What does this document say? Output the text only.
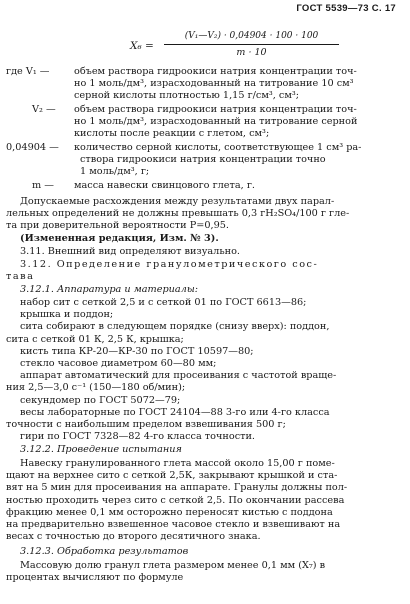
ГОСТ 5539—73 С. 17
X₆ =
(V₁—V₂) · 0,04904 · 100 · 100
m · 10
где V₁ —	объем раствора гидроокиси натрия концентрации точ-
но 1 моль/дм³, израсходованный на титрование 10 см³
серной кислоты плотностью 1,15 г/см³, см³;
V₂ — объем раствора гидроокиси натрия концентрации точ-
но 1 моль/дм³, израсходованный на титрование серной
кислоты после реакции с глетом, см³;
0,04904 — количество серной кислоты, соответствующее 1 см³ ра-
створа гидроокиси натрия концентрации точно
1 моль/дм³, г;
m — масса навески свинцового глета, г.
Допускаемые расхождения между результатами двух парал-
лельных определений не должны превышать 0,3 гH₂SO₄/100 г гле-
та при доверительной вероятности P=0,95.
(Измененная редакция, Изм. № 3).
3.11. Внешний вид определяют визуально.
3.12. Определение гранулометрического сос-
тава
3.12.1. Аппаратура и материалы:
набор сит с сеткой 2,5 и с сеткой 01 по ГОСТ 6613—86;
крышка и поддон;
сита собирают в следующем порядке (снизу вверх): поддон,
сита с сеткой 01 К, 2,5 К, крышка;
кисть типа КР-20—КР-30 по ГОСТ 10597—80;
стекло часовое диаметром 60—80 мм;
аппарат автоматический для просеивания с частотой враще-
ния 2,5—3,0 с⁻¹ (150—180 об/мин);
секундомер по ГОСТ 5072—79;
весы лабораторные по ГОСТ 24104—88 3-го или 4-го класса
точности с наибольшим пределом взвешивания 500 г;
гири по ГОСТ 7328—82 4-го класса точности.
3.12.2. Проведение испытания
Навеску гранулированного глета массой около 15,00 г поме-
щают на верхнее сито с сеткой 2,5К, закрывают крышкой и ста-
вят на 5 мин для просеивания на аппарате. Гранулы должны пол-
ностью проходить через сито с сеткой 2,5. По окончании рассева
фракцию менее 0,1 мм осторожно переносят кистью с поддона
на предварительно взвешенное часовое стекло и взвешивают на
весах с точностью до второго десятичного знака.
3.12.3. Обработка результатов
Массовую долю гранул глета размером менее 0,1 мм (X₇) в
процентах вычисляют по формуле
